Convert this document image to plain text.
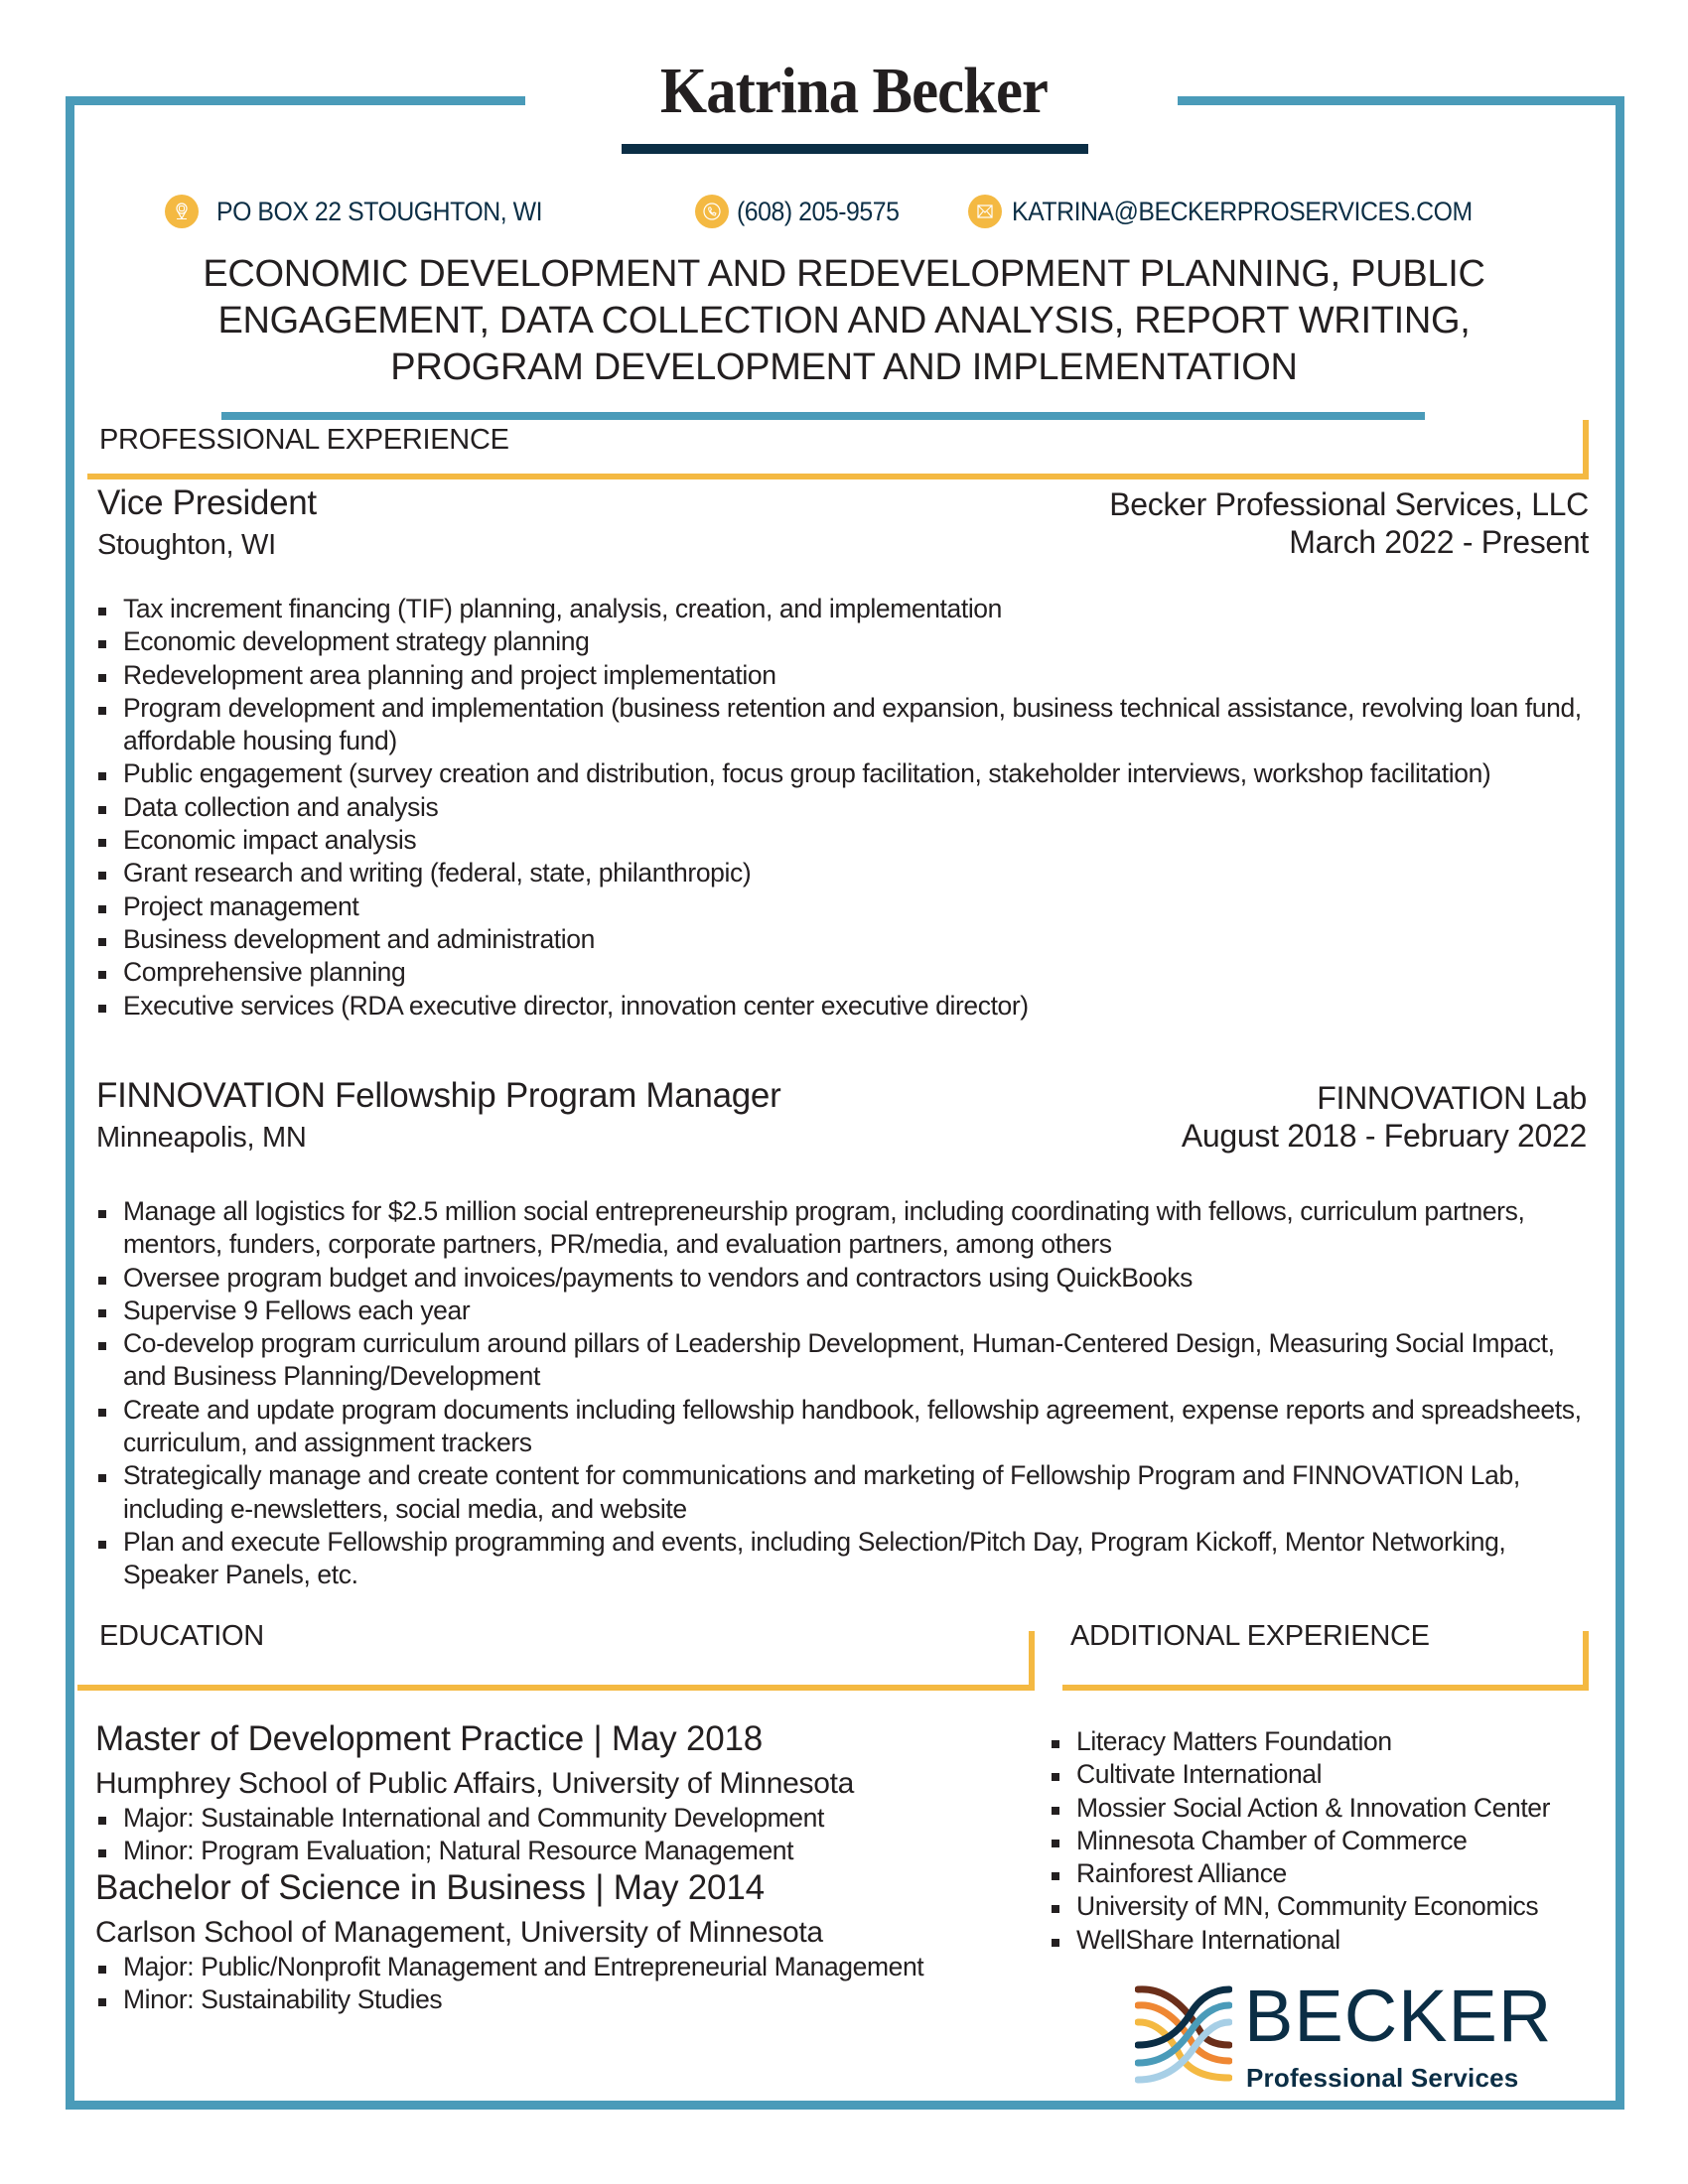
Katrina Becker
PO BOX 22 STOUGHTON, WI	(608) 205-9575	KATRINA@BECKERPROSERVICES.COM
ECONOMIC DEVELOPMENT AND REDEVELOPMENT PLANNING, PUBLIC ENGAGEMENT, DATA COLLECTION AND ANALYSIS, REPORT WRITING, PROGRAM DEVELOPMENT AND IMPLEMENTATION
PROFESSIONAL EXPERIENCE
Vice President
Stoughton, WI
Becker Professional Services, LLC
March 2022 - Present
Tax increment financing (TIF) planning, analysis, creation, and implementation
Economic development strategy planning
Redevelopment area planning and project implementation
Program development and implementation (business retention and expansion, business technical assistance, revolving loan fund, affordable housing fund)
Public engagement (survey creation and distribution, focus group facilitation, stakeholder interviews, workshop facilitation)
Data collection and analysis
Economic impact analysis
Grant research and writing (federal, state, philanthropic)
Project management
Business development and administration
Comprehensive planning
Executive services (RDA executive director, innovation center executive director)
FINNOVATION Fellowship Program Manager
Minneapolis, MN
FINNOVATION Lab
August 2018 - February 2022
Manage all logistics for $2.5 million social entrepreneurship program, including coordinating with fellows, curriculum partners, mentors, funders, corporate partners, PR/media, and evaluation partners, among others
Oversee program budget and invoices/payments to vendors and contractors using QuickBooks
Supervise 9 Fellows each year
Co-develop program curriculum around pillars of Leadership Development, Human-Centered Design, Measuring Social Impact, and Business Planning/Development
Create and update program documents including fellowship handbook, fellowship agreement, expense reports and spreadsheets, curriculum, and assignment trackers
Strategically manage and create content for communications and marketing of Fellowship Program and FINNOVATION Lab, including e-newsletters, social media, and website
Plan and execute Fellowship programming and events, including Selection/Pitch Day, Program Kickoff, Mentor Networking, Speaker Panels, etc.
EDUCATION
Master of Development Practice | May 2018
Humphrey School of Public Affairs, University of Minnesota
Major: Sustainable International and Community Development
Minor: Program Evaluation; Natural Resource Management
Bachelor of Science in Business | May 2014
Carlson School of Management, University of Minnesota
Major: Public/Nonprofit Management and Entrepreneurial Management
Minor: Sustainability Studies
ADDITIONAL EXPERIENCE
Literacy Matters Foundation
Cultivate International
Mossier Social Action & Innovation Center
Minnesota Chamber of Commerce
Rainforest Alliance
University of MN, Community Economics
WellShare International
BECKER
Professional Services
